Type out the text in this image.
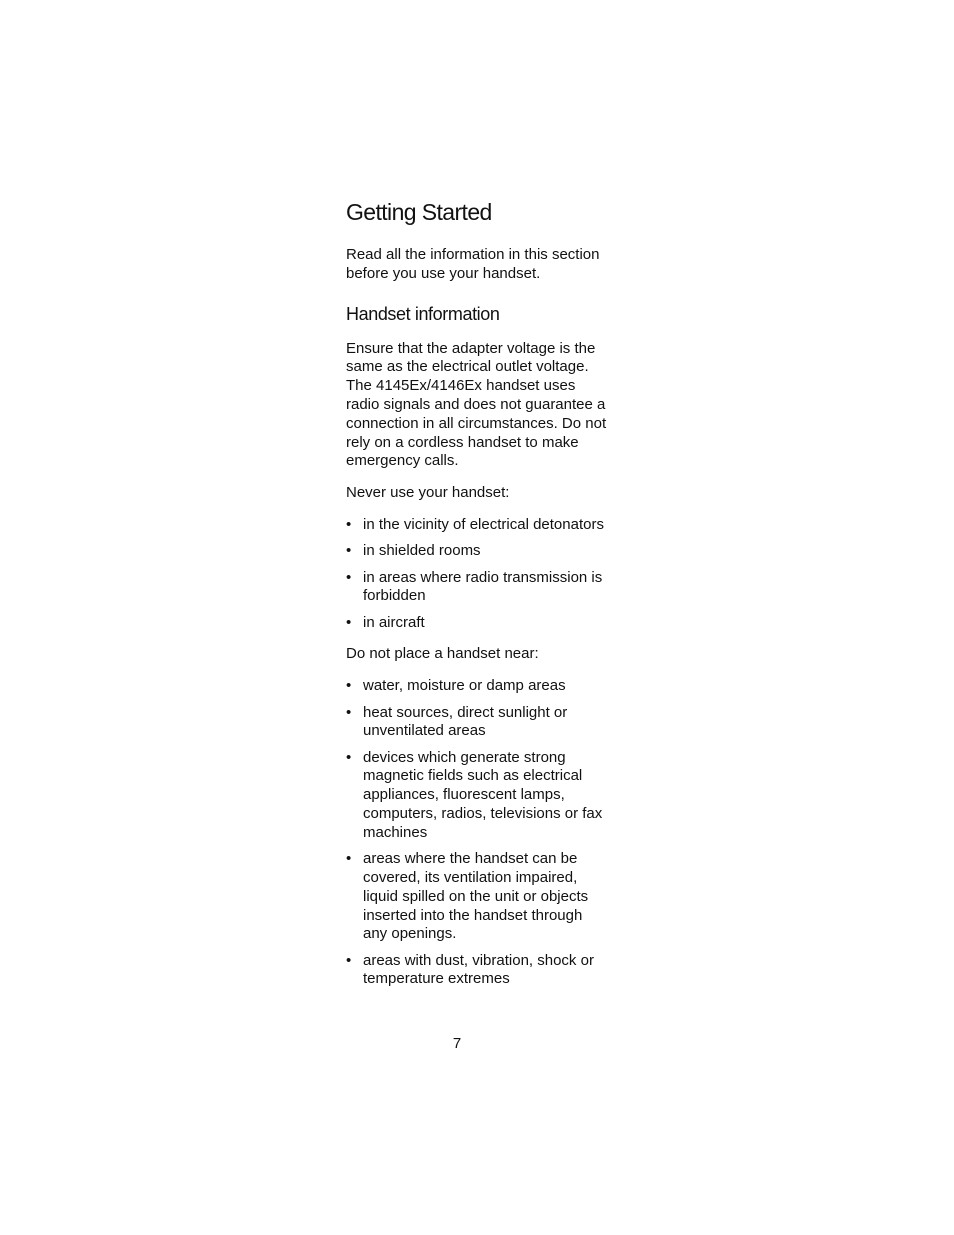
Getting Started

Read all the information in this section before you use your handset.

Handset information

Ensure that the adapter voltage is the same as the electrical outlet voltage. The 4145Ex/4146Ex handset uses radio signals and does not guarantee a connection in all circumstances. Do not rely on a cordless handset to make emergency calls.

Never use your handset:

• in the vicinity of electrical detonators
• in shielded rooms
• in areas where radio transmission is forbidden
• in aircraft

Do not place a handset near:

• water, moisture or damp areas
• heat sources, direct sunlight or unventilated areas
• devices which generate strong magnetic fields such as electrical appliances, fluorescent lamps, computers, radios, televisions or fax machines
• areas where the handset can be covered, its ventilation impaired, liquid spilled on the unit or objects inserted into the handset through any openings.
• areas with dust, vibration, shock or temperature extremes
7
